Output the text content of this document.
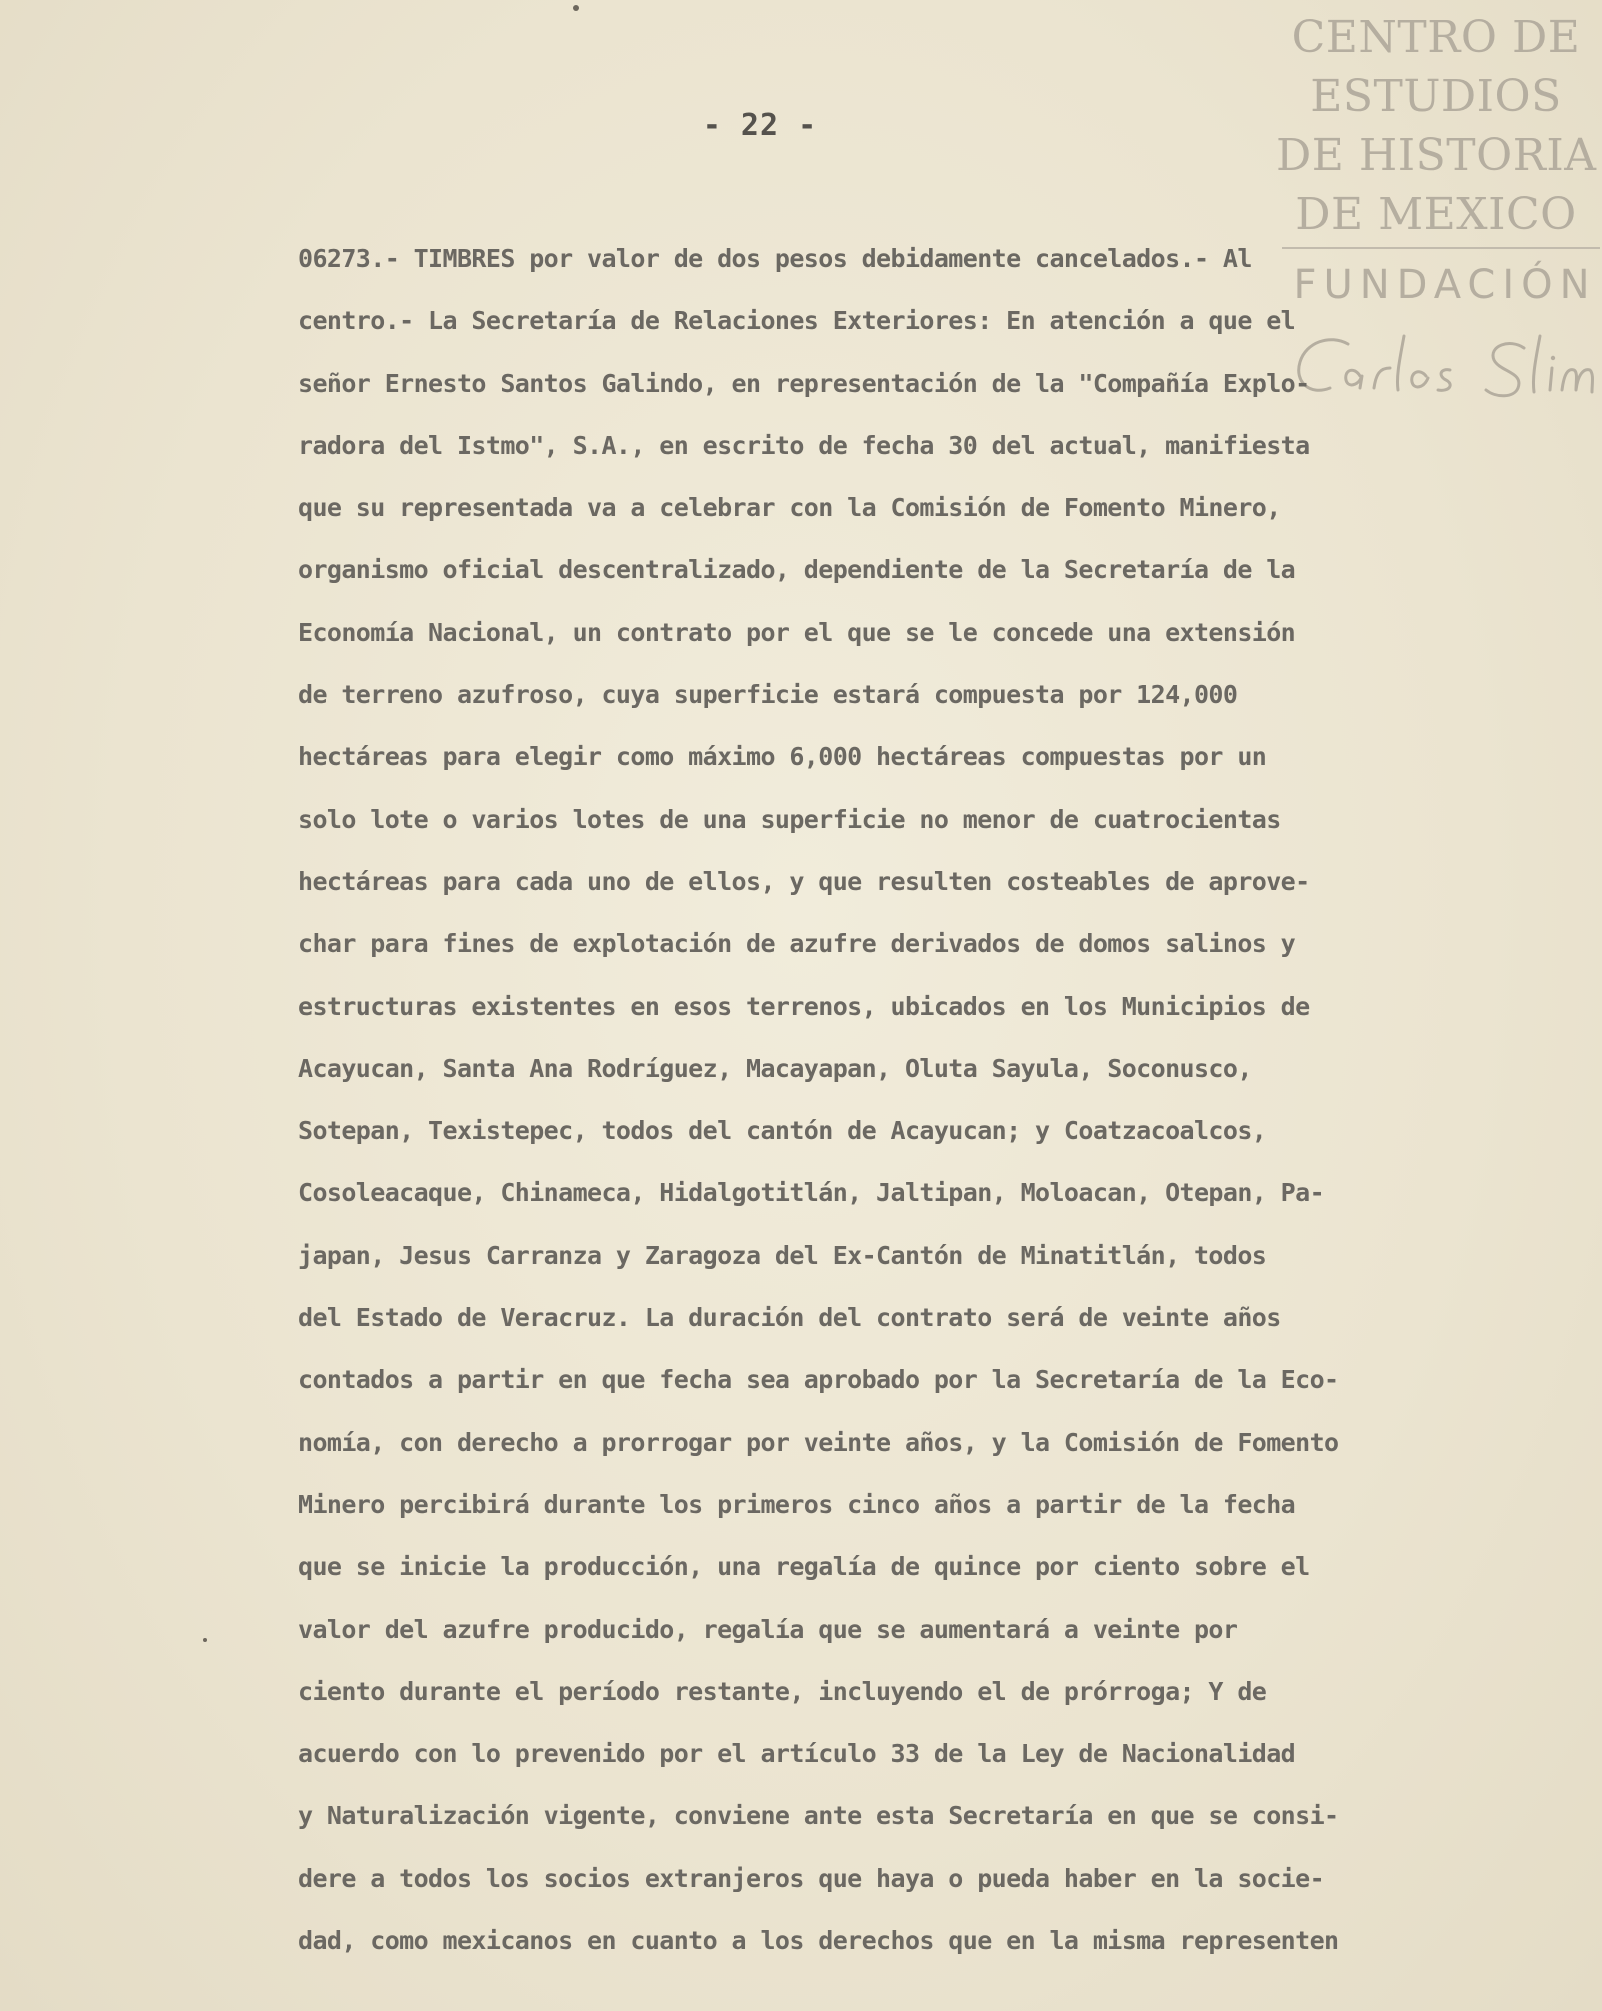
CENTRO DE
ESTUDIOS
DE HISTORIA
DE MEXICO
FUNDACIÓN
- 22 -
06273.- TIMBRES por valor de dos pesos debidamente cancelados.- Al
centro.- La Secretaría de Relaciones Exteriores: En atención a que el
señor Ernesto Santos Galindo, en representación de la "Compañía Explo-
radora del Istmo", S.A., en escrito de fecha 30 del actual, manifiesta
que su representada va a celebrar con la Comisión de Fomento Minero,
organismo oficial descentralizado, dependiente de la Secretaría de la
Economía Nacional, un contrato por el que se le concede una extensión
de terreno azufroso, cuya superficie estará compuesta por 124,000
hectáreas para elegir como máximo 6,000 hectáreas compuestas por un
solo lote o varios lotes de una superficie no menor de cuatrocientas
hectáreas para cada uno de ellos, y que resulten costeables de aprove-
char para fines de explotación de azufre derivados de domos salinos y
estructuras existentes en esos terrenos, ubicados en los Municipios de
Acayucan, Santa Ana Rodríguez, Macayapan, Oluta Sayula, Soconusco,
Sotepan, Texistepec, todos del cantón de Acayucan; y Coatzacoalcos,
Cosoleacaque, Chinameca, Hidalgotitlán, Jaltipan, Moloacan, Otepan, Pa-
japan, Jesus Carranza y Zaragoza del Ex-Cantón de Minatitlán, todos
del Estado de Veracruz. La duración del contrato será de veinte años
contados a partir en que fecha sea aprobado por la Secretaría de la Eco-
nomía, con derecho a prorrogar por veinte años, y la Comisión de Fomento
Minero percibirá durante los primeros cinco años a partir de la fecha
que se inicie la producción, una regalía de quince por ciento sobre el
valor del azufre producido, regalía que se aumentará a veinte por
ciento durante el período restante, incluyendo el de prórroga; Y de
acuerdo con lo prevenido por el artículo 33 de la Ley de Nacionalidad
y Naturalización vigente, conviene ante esta Secretaría en que se consi-
dere a todos los socios extranjeros que haya o pueda haber en la socie-
dad, como mexicanos en cuanto a los derechos que en la misma representen
